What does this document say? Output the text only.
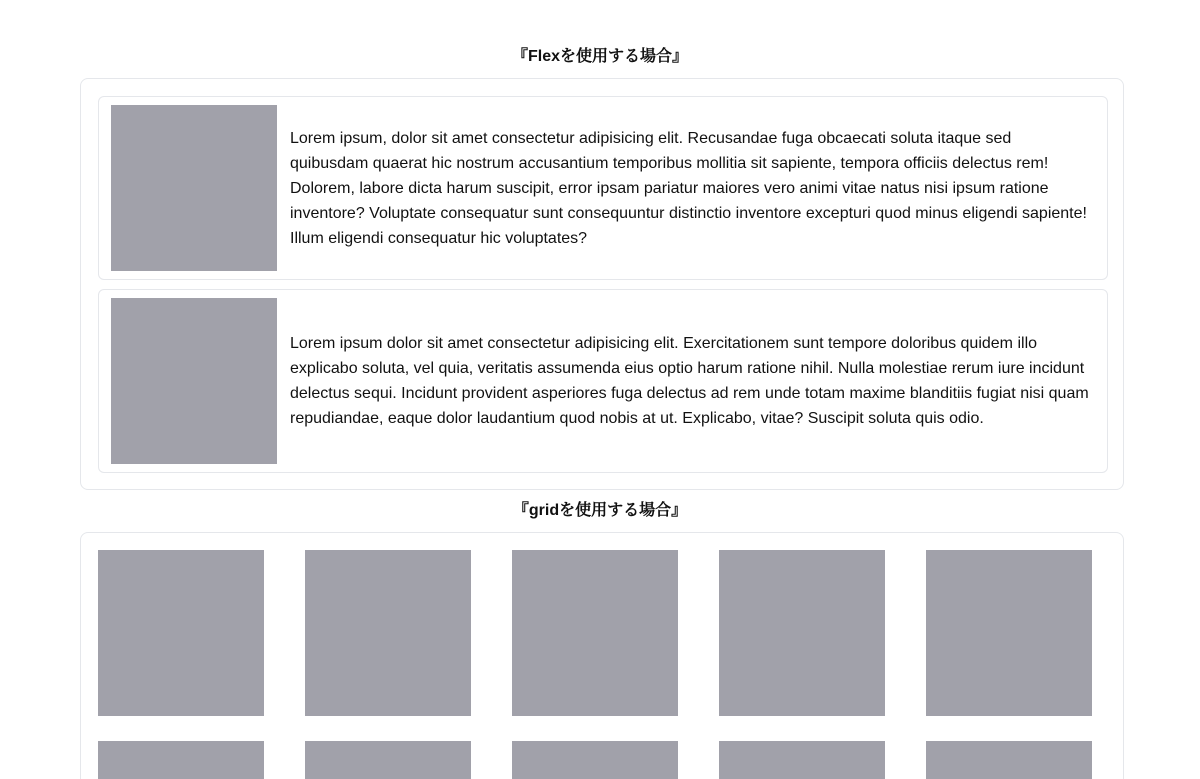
『Flexを使用する場合』

Lorem ipsum, dolor sit amet consectetur adipisicing elit. Recusandae fuga obcaecati soluta itaque sed quibusdam quaerat hic nostrum accusantium temporibus mollitia sit sapiente, tempora officiis delectus rem! Dolorem, labore dicta harum suscipit, error ipsam pariatur maiores vero animi vitae natus nisi ipsum ratione inventore? Voluptate consequatur sunt consequuntur distinctio inventore excepturi quod minus eligendi sapiente! Illum eligendi consequatur hic voluptates?

Lorem ipsum dolor sit amet consectetur adipisicing elit. Exercitationem sunt tempore doloribus quidem illo explicabo soluta, vel quia, veritatis assumenda eius optio harum ratione nihil. Nulla molestiae rerum iure incidunt delectus sequi. Incidunt provident asperiores fuga delectus ad rem unde totam maxime blanditiis fugiat nisi quam repudiandae, eaque dolor laudantium quod nobis at ut. Explicabo, vitae? Suscipit soluta quis odio.

『gridを使用する場合』
